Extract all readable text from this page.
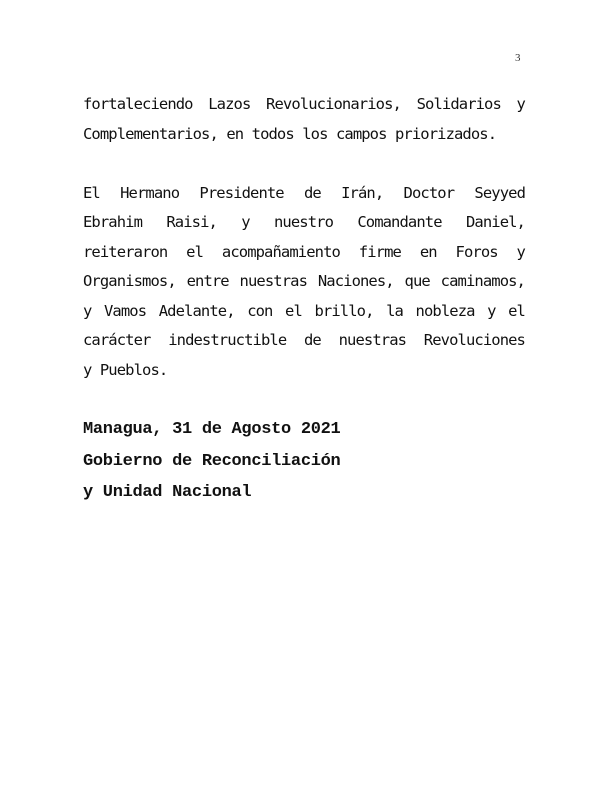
3

fortaleciendo Lazos Revolucionarios, Solidarios y
Complementarios, en todos los campos priorizados.

El Hermano Presidente de Irán, Doctor Seyyed
Ebrahim Raisi, y nuestro Comandante Daniel,
reiteraron el acompañamiento firme en Foros y
Organismos, entre nuestras Naciones, que caminamos,
y Vamos Adelante, con el brillo, la nobleza y el
carácter indestructible de nuestras Revoluciones
y Pueblos.

Managua, 31 de Agosto 2021
Gobierno de Reconciliación
y Unidad Nacional
